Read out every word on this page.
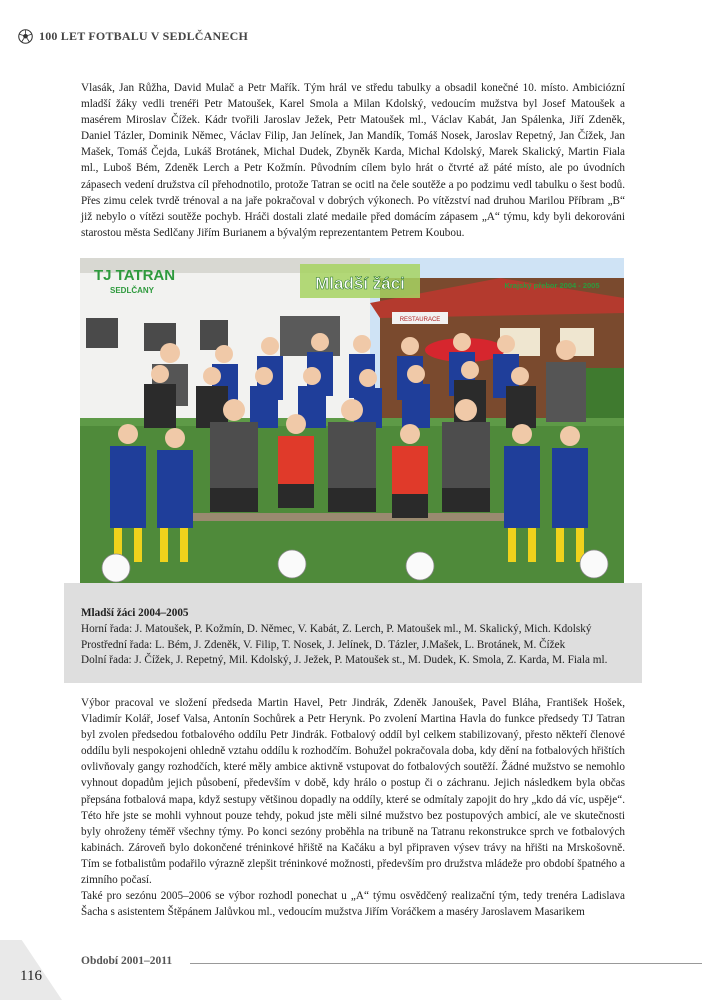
100 LET FOTBALU V SEDLČANECH

Vlasák, Jan Růžha, David Mulač a Petr Mařík. Tým hrál ve středu tabulky a obsadil konečné 10. místo. Ambiciózní mladší žáky vedli trenéři Petr Matoušek, Karel Smola a Milan Kdolský, vedoucím mužstva byl Josef Matoušek a masérem Miroslav Čížek. Kádr tvořili Jaroslav Ježek, Petr Matoušek ml., Václav Kabát, Jan Spálenka, Jiří Zdeněk, Daniel Tázler, Dominik Němec, Václav Filip, Jan Jelínek, Jan Mandík, Tomáš Nosek, Jaroslav Repetný, Jan Čížek, Jan Mašek, Tomáš Čejda, Lukáš Brotánek, Michal Dudek, Zbyněk Karda, Michal Kdolský, Marek Skalický, Martin Fiala ml., Luboš Bém, Zdeněk Lerch a Petr Kožmín. Původním cílem bylo hrát o čtvrté až páté místo, ale po úvodních zápasech vedení družstva cíl přehodnotilo, protože Tatran se ocitl na čele soutěže a po podzimu vedl tabulku o šest bodů. Přes zimu celek tvrdě trénoval a na jaře pokračoval v dobrých výkonech. Po vítězství nad druhou Marilou Příbram „B“ již nebylo o vítězi soutěže pochyb. Hráči dostali zlaté medaile před domácím zápasem „A“ týmu, kdy byli dekorováni starostou města Sedlčany Jiřím Burianem a bývalým reprezentantem Petrem Koubou.

RESTAURACE
TJ TATRAN
SEDLČANY	Mladší žáci	Krajský přebor 2004 - 2005
Mladší žáci 2004–2005
Horní řada: J. Matoušek, P. Kožmín, D. Němec, V. Kabát, Z. Lerch, P. Matoušek ml., M. Skalický, Mich. Kdolský
Prostřední řada: L. Bém, J. Zdeněk, V. Filip, T. Nosek, J. Jelínek, D. Tázler, J.Mašek, L. Brotánek, M. Čížek
Dolní řada: J. Čížek, J. Repetný, Mil. Kdolský, J. Ježek, P. Matoušek st., M. Dudek, K. Smola, Z. Karda, M. Fiala ml.

Výbor pracoval ve složení předseda Martin Havel, Petr Jindrák, Zdeněk Janoušek, Pavel Bláha, František Hošek, Vladimír Kolář, Josef Valsa, Antonín Sochůrek a Petr Herynk. Po zvolení Martina Havla do funkce předsedy TJ Tatran byl zvolen předsedou fotbalového oddílu Petr Jindrák. Fotbalový oddíl byl celkem stabilizovaný, přesto někteří členové oddílu byli nespokojeni ohledně vztahu oddílu k rozhodčím. Bohužel pokračovala doba, kdy dění na fotbalových hřištích ovlivňovaly gangy rozhodčích, které měly ambice aktivně vstupovat do fotbalových soutěží. Žádné mužstvo se nemohlo vyhnout dopadům jejich působení, především v době, kdy hrálo o postup či o záchranu. Jejich následkem byla občas přepsána fotbalová mapa, když sestupy většinou dopadly na oddíly, které se odmítaly zapojit do hry „kdo dá víc, uspěje“. Této hře jste se mohli vyhnout pouze tehdy, pokud jste měli silné mužstvo bez postupových ambicí, ale ve skutečnosti byly ohroženy téměř všechny týmy. Po konci sezóny proběhla na tribuně na Tatranu rekonstrukce sprch ve fotbalových kabinách. Zároveň bylo dokončené tréninkové hřiště na Kačáku a byl připraven výsev trávy na hřišti na Mrskošovně. Tím se fotbalistům podařilo výrazně zlepšit tréninkové možnosti, především pro družstva mládeže pro období špatného a zimního počasí.

Také pro sezónu 2005–2006 se výbor rozhodl ponechat u „A“ týmu osvědčený realizační tým, tedy trenéra Ladislava Šacha s asistentem Štěpánem Jalůvkou ml., vedoucím mužstva Jiřím Voráčkem a maséry Jaroslavem Masarikem

116
Období 2001–2011
